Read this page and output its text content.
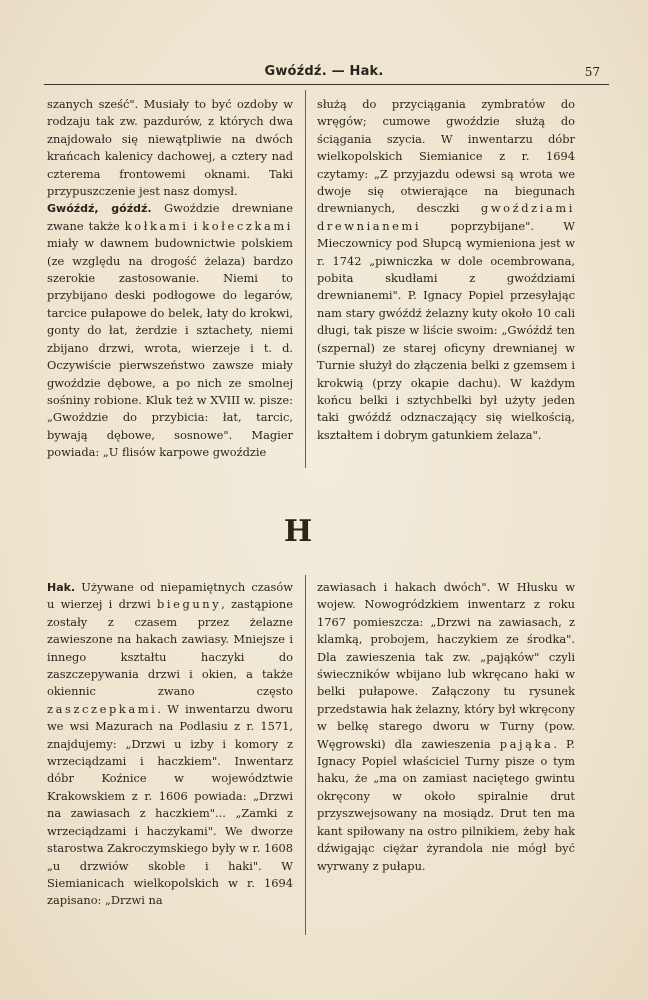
Gwóźdź. — Hak.	57

szanych sześć". Musiały to być ozdoby w rodzaju tak zw. pazdurów, z których dwa znajdowało się niewątpliwie na dwóch krańcach kalenicy dachowej, a cztery nad czterema frontowemi oknami. Taki przypuszczenie jest nasz domysł.

Gwóźdź, góźdź. Gwoździe drewniane zwane także kołkami i kołeczkami miały w dawnem budownictwie polskiem (ze względu na drogość żelaza) bardzo szerokie zastosowanie. Niemi to przybijano deski podłogowe do legarów, tarcice pułapowe do belek, łaty do krokwi, gonty do łat, żerdzie i sztachety, niemi zbijano drzwi, wrota, wierzeje i t. d. Oczywiście pierwszeństwo zawsze miały gwoździe dębowe, a po nich ze smolnej sośniny robione. Kluk też w XVIII w. pisze: „Gwoździe do przybicia: łat, tarcic, bywają dębowe, sosnowe". Magier powiada: „U flisów karpowe gwoździe

służą do przyciągania zymbratów do wręgów; cumowe gwoździe służą do ściągania szycia. W inwentarzu dóbr wielkopolskich Siemianice z r. 1694 czytamy: „Z przyjazdu odewsi są wrota we dwoje się otwierające na biegunach drewnianych, desczki gwoździami drewnianemi poprzybijane". W Mieczownicy pod Słupcą wymieniona jest w r. 1742 „piwniczka w dole ocembrowana, pobita skudłami z gwoździami drewnianemi". P. Ignacy Popiel przesyłając nam stary gwóźdź żelazny kuty około 10 cali długi, tak pisze w liście swoim: „Gwóźdź ten (szpernal) ze starej oficyny drewnianej w Turnie służył do złączenia belki z gzemsem i krokwią (przy okapie dachu). W każdym końcu belki i sztychbelki był użyty jeden taki gwóźdź odznaczający się wielkością, kształtem i dobrym gatunkiem żelaza".

H

Hak. Używane od niepamiętnych czasów u wierzej i drzwi bieguny, zastąpione zostały z czasem przez żelazne zawieszone na hakach zawiasy. Mniejsze i innego kształtu haczyki do zaszczepywania drzwi i okien, a także okiennic zwano często zaszczepkami. W inwentarzu dworu we wsi Mazurach na Podlasiu z r. 1571, znajdujemy: „Drzwi u izby i komory z wrzeciądzami i haczkiem". Inwentarz dóbr Koźnice w województwie Krakowskiem z r. 1606 powiada: „Drzwi na zawiasach z haczkiem"... „Zamki z wrzeciądzami i haczykami". We dworze starostwa Zakroczymskiego były w r. 1608 „u drzwiów skoble i haki". W Siemianicach wielkopolskich w r. 1694 zapisano: „Drzwi na

zawiasach i hakach dwóch". W Hłusku w wojew. Nowogródzkiem inwentarz z roku 1767 pomieszcza: „Drzwi na zawiasach, z klamką, probojem, haczykiem ze środka". Dla zawieszenia tak zw. „pająków" czyli świeczników wbijano lub wkręcano haki w belki pułapowe. Załączony tu rysunek przedstawia hak żelazny, który był wkręcony w belkę starego dworu w Turny (pow. Węgrowski) dla zawieszenia pająka. P. Ignacy Popiel właściciel Turny pisze o tym haku, że „ma on zamiast naciętego gwintu okręcony w około spiralnie drut przyszwejsowany na mosiądz. Drut ten ma kant spiłowany na ostro pilnikiem, żeby hak dźwigając ciężar żyrandola nie mógł być wyrwany z pułapu.
